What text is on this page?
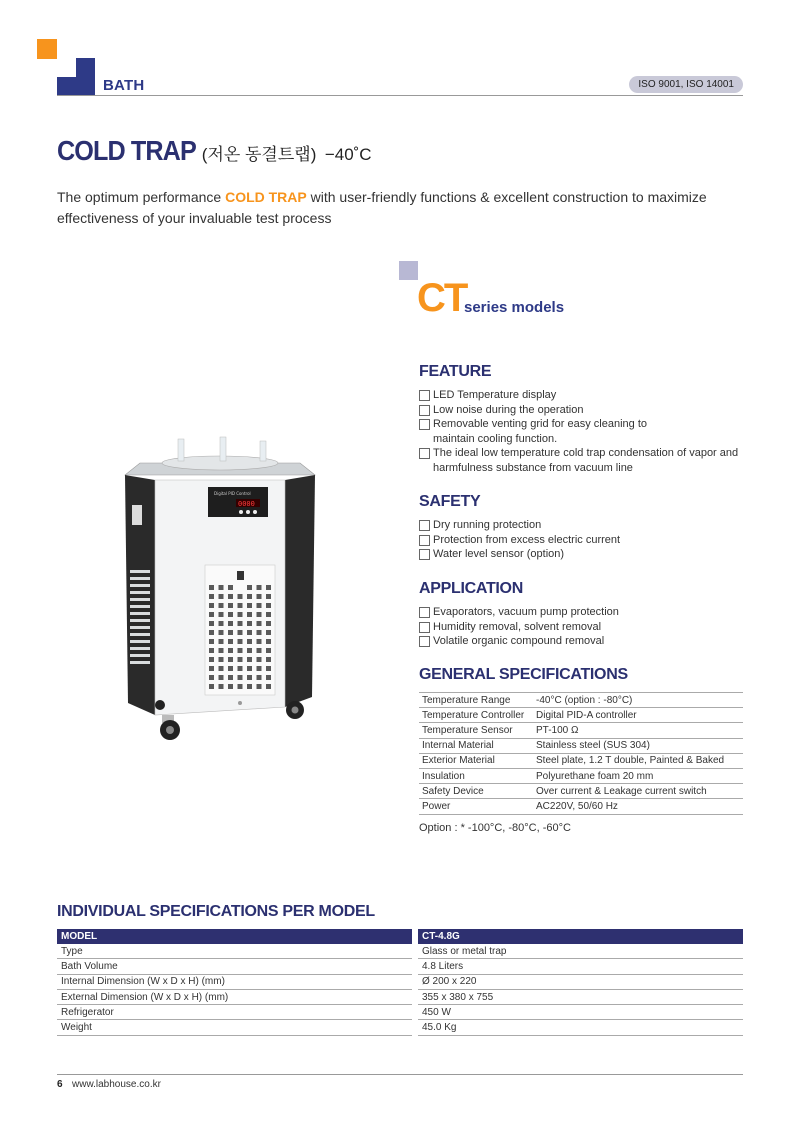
BATH	ISO 9001, ISO 14001
COLD TRAP (저온 동결트랩) −40˚C

The optimum performance COLD TRAP with user-friendly functions & excellent construction to maximize effectiveness of your invaluable test process

CT
series models
Digital PID Control
0000
FEATURE
LED Temperature display
Low noise during the operation
Removable venting grid for easy cleaning to
maintain cooling function.
The ideal low temperature cold trap condensation of vapor and
harmfulness substance from vacuum line
SAFETY
Dry running protection
Protection from excess electric current
Water level sensor (option)
APPLICATION
Evaporators, vacuum pump protection
Humidity removal, solvent removal
Volatile organic compound removal
GENERAL SPECIFICATIONS
Temperature Range	-40°C (option : -80°C)
Temperature Controller	Digital PID-A controller
Temperature Sensor	PT-100 Ω
Internal Material	Stainless steel (SUS 304)
Exterior Material	Steel plate, 1.2 T double, Painted & Baked
Insulation	Polyurethane foam 20 mm
Safety Device	Over current & Leakage current switch
Power	AC220V, 50/60 Hz
Option : * -100°C, -80°C, -60°C
INDIVIDUAL SPECIFICATIONS PER MODEL
MODEL		CT-4.8G
Type		Glass or metal trap
Bath Volume		4.8 Liters
Internal Dimension (W x D x H) (mm)		Ø 200 x 220
External Dimension (W x D x H) (mm)		355 x 380 x 755
Refrigerator		450 W
Weight		45.0 Kg
6 www.labhouse.co.kr
